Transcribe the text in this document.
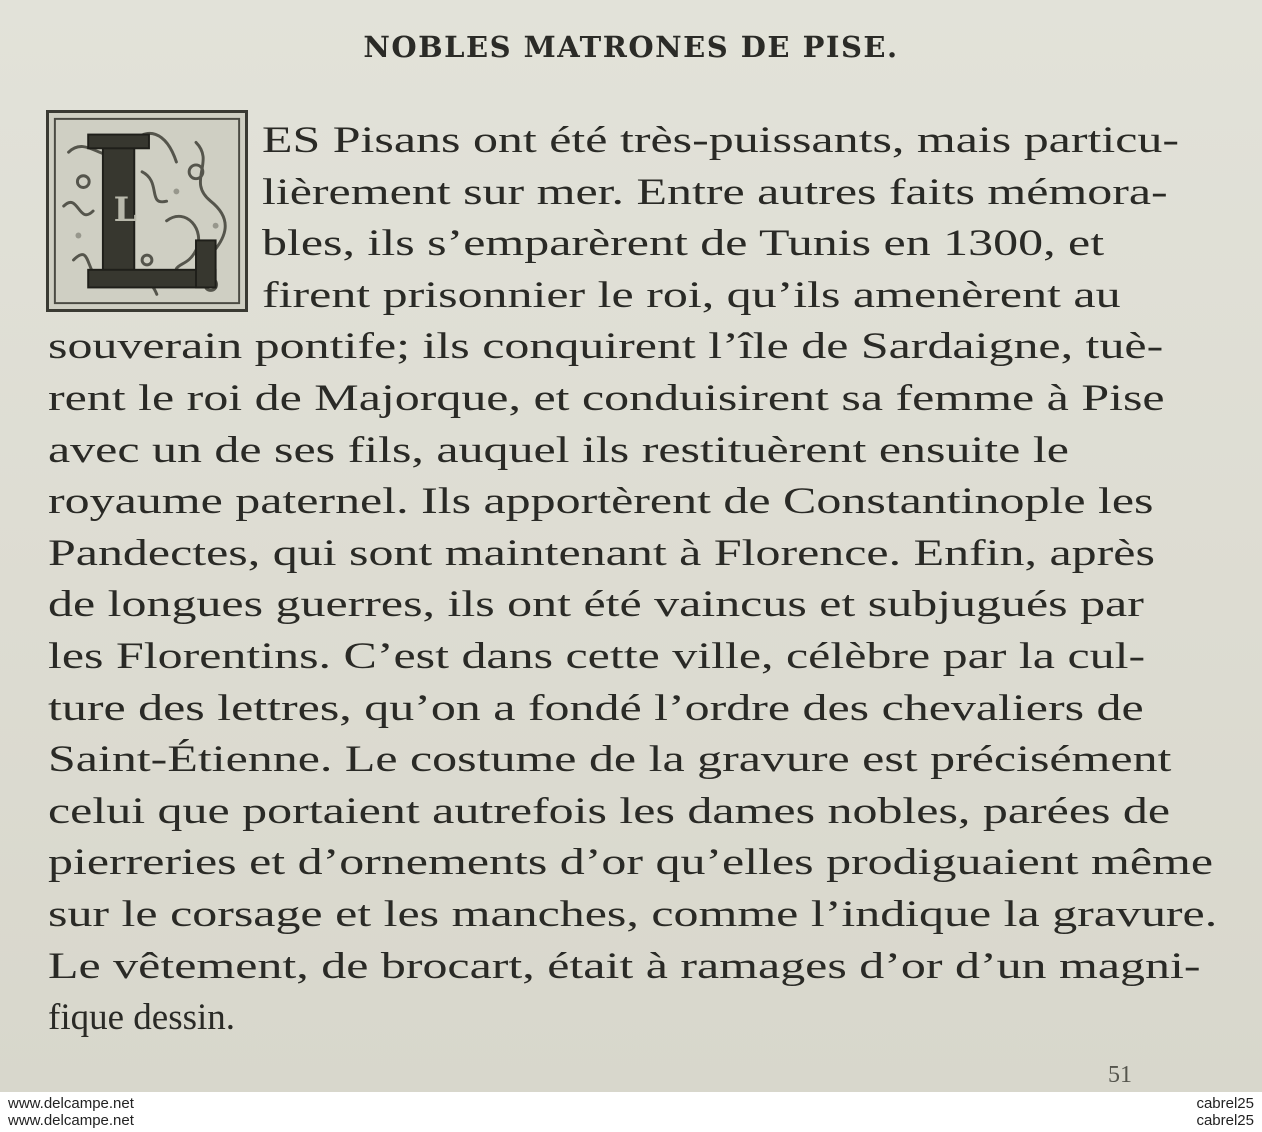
NOBLES MATRONES DE PISE.
L
ES Pisans ont été très-puissants, mais particu-
lièrement sur mer. Entre autres faits mémora-
bles, ils s’emparèrent de Tunis en 1300, et
firent prisonnier le roi, qu’ils amenèrent au
souverain pontife; ils conquirent l’île de Sardaigne, tuè-
rent le roi de Majorque, et conduisirent sa femme à Pise
avec un de ses fils, auquel ils restituèrent ensuite le
royaume paternel. Ils apportèrent de Constantinople les
Pandectes, qui sont maintenant à Florence. Enfin, après
de longues guerres, ils ont été vaincus et subjugués par
les Florentins. C’est dans cette ville, célèbre par la cul-
ture des lettres, qu’on a fondé l’ordre des chevaliers de
Saint-Étienne. Le costume de la gravure est précisément
celui que portaient autrefois les dames nobles, parées de
pierreries et d’ornements d’or qu’elles prodiguaient même
sur le corsage et les manches, comme l’indique la gravure.
Le vêtement, de brocart, était à ramages d’or d’un magni-
fique dessin.
51
www.delcampe.net
www.delcampe.net
cabrel25
cabrel25
